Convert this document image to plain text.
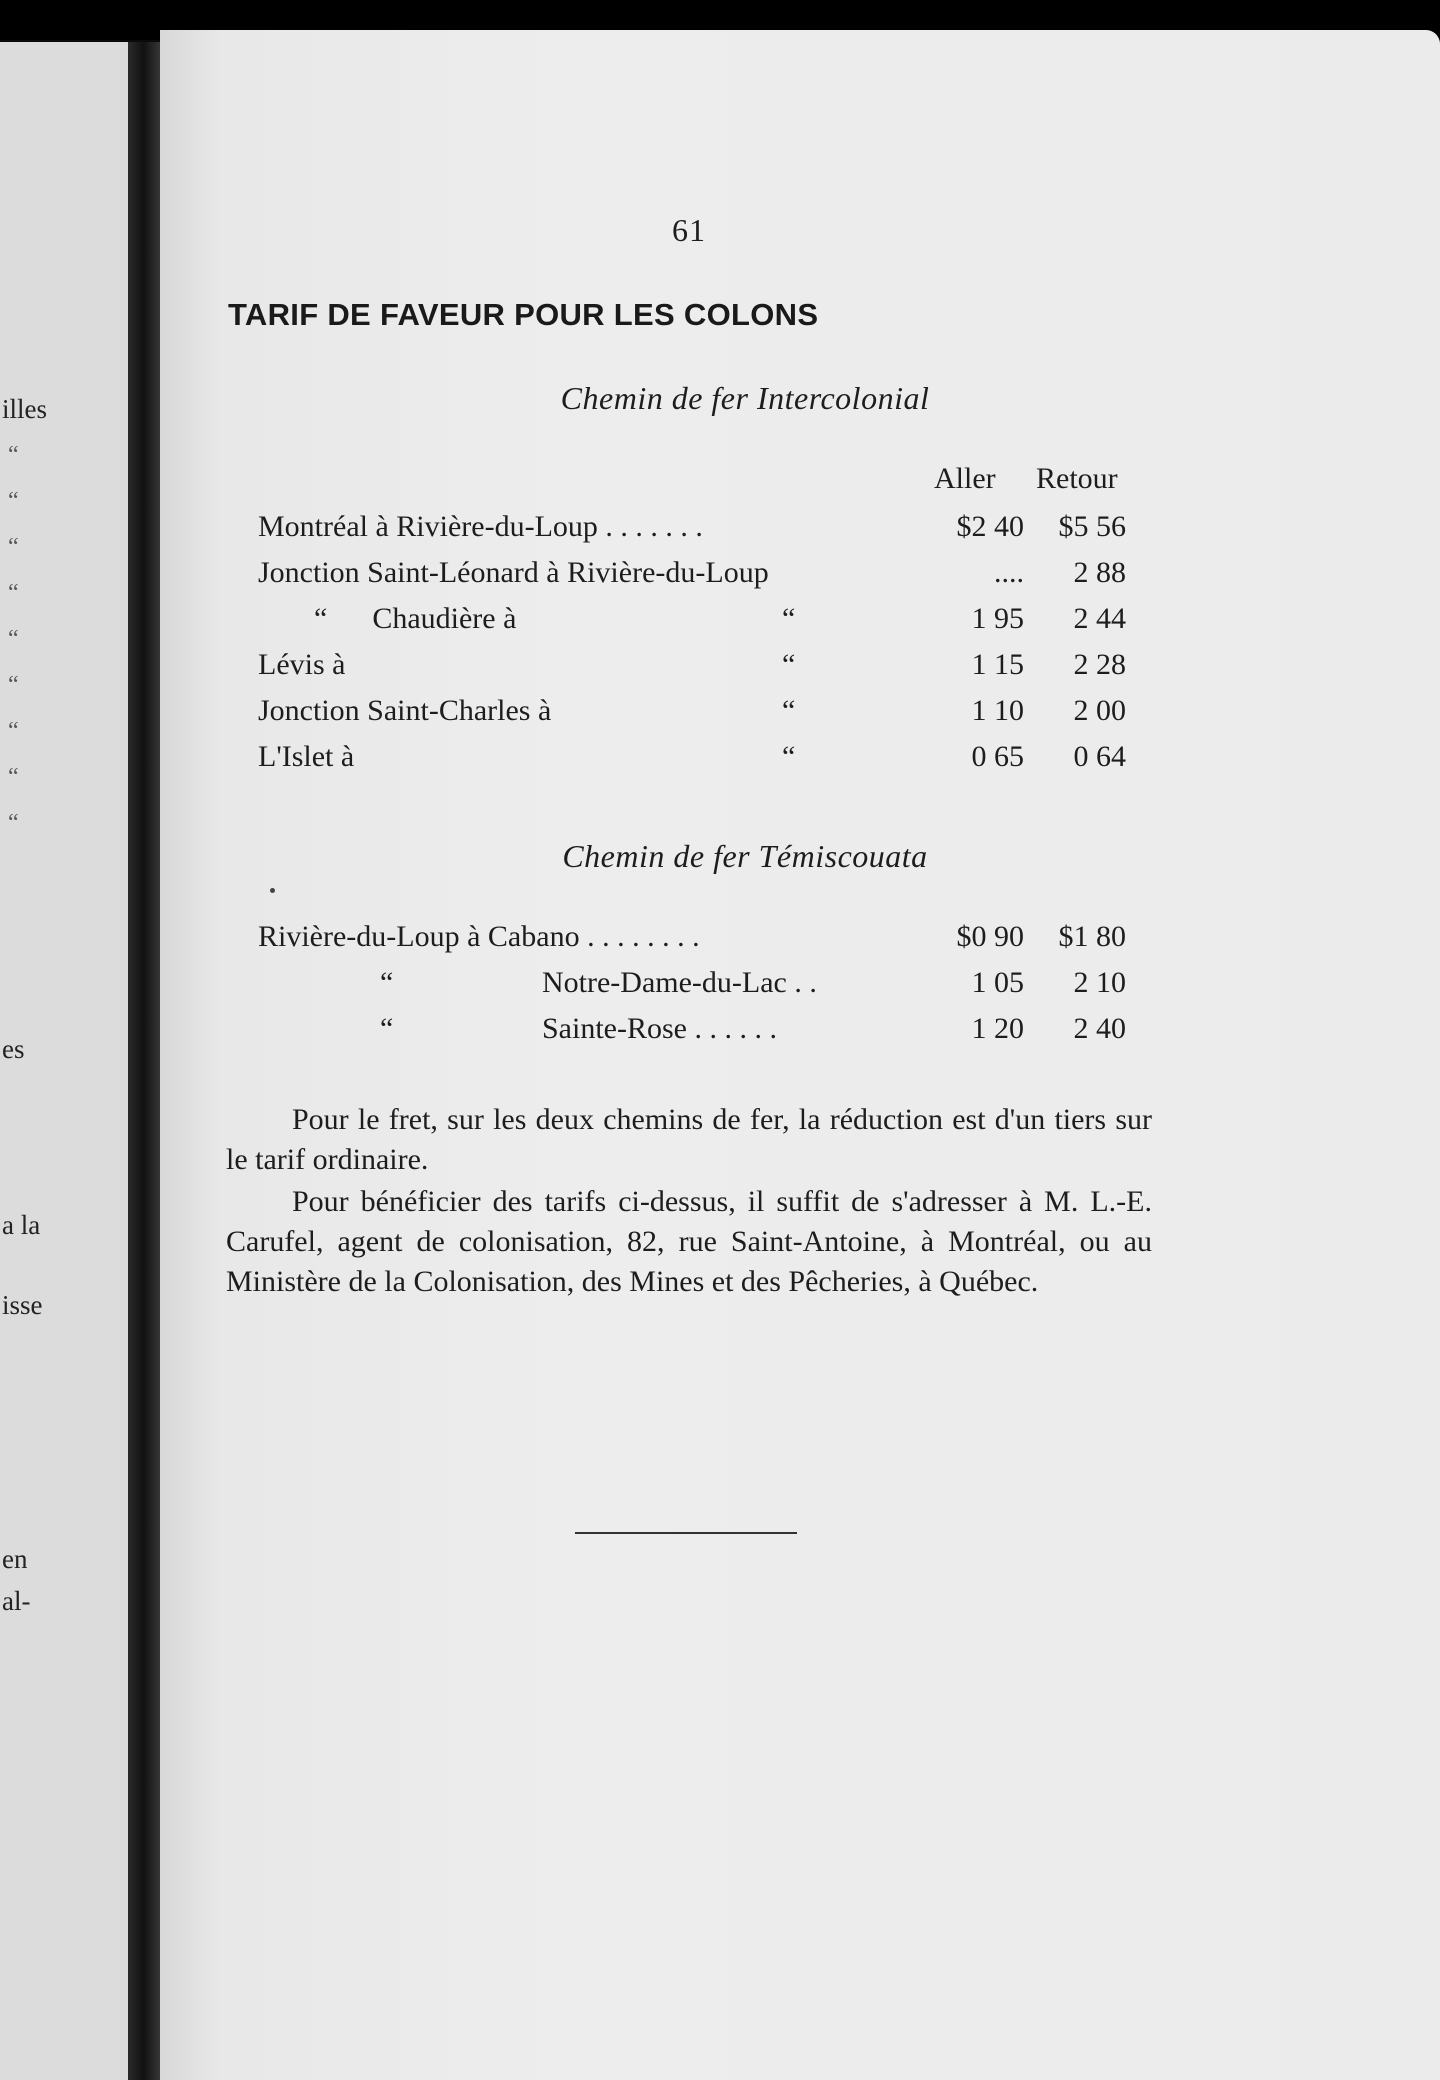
illes
“
“
“
“
“
“
“
“
“
es
a la
isse
en
al-
61
TARIF DE FAVEUR POUR LES COLONS
Chemin de fer Intercolonial
Aller Retour
Montréal à Rivière-du-Loup . . . . . . .	$2 40	$5 56
Jonction Saint-Léonard à Rivière-du-Loup	....	2 88
“      Chaudière à	“	1 95	2 44
Lévis à	“	1 15	2 28
Jonction Saint-Charles à	“	1 10	2 00
L'Islet à	“	0 65	0 64
Chemin de fer Témiscouata
Rivière-du-Loup à Cabano . . . . . . . .	$0 90	$1 80
“	Notre-Dame-du-Lac . .	1 05	2 10
“	Sainte-Rose . . . . . .	1 20	2 40
Pour le fret, sur les deux chemins de fer, la réduction est d'un tiers sur le tarif ordinaire.
Pour bénéficier des tarifs ci-dessus, il suffit de s'adresser à M. L.-E. Carufel, agent de colonisation, 82, rue Saint-Antoine, à Montréal, ou au Ministère de la Colonisation, des Mines et des Pêcheries, à Québec.
